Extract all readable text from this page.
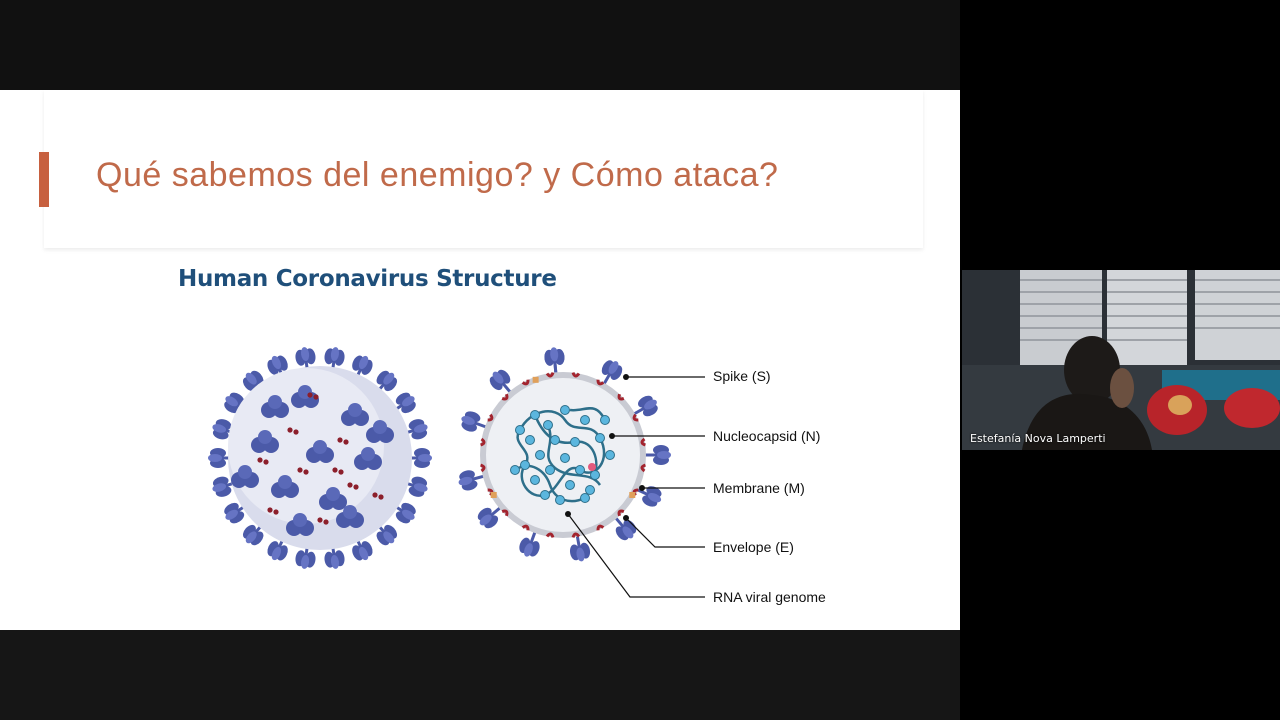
Qué sabemos del enemigo? y Cómo ataca?
Human Coronavirus Structure
Spike (S)
Nucleocapsid (N)
Membrane (M)
Envelope (E)
RNA viral genome
Estefanía Nova Lamperti
